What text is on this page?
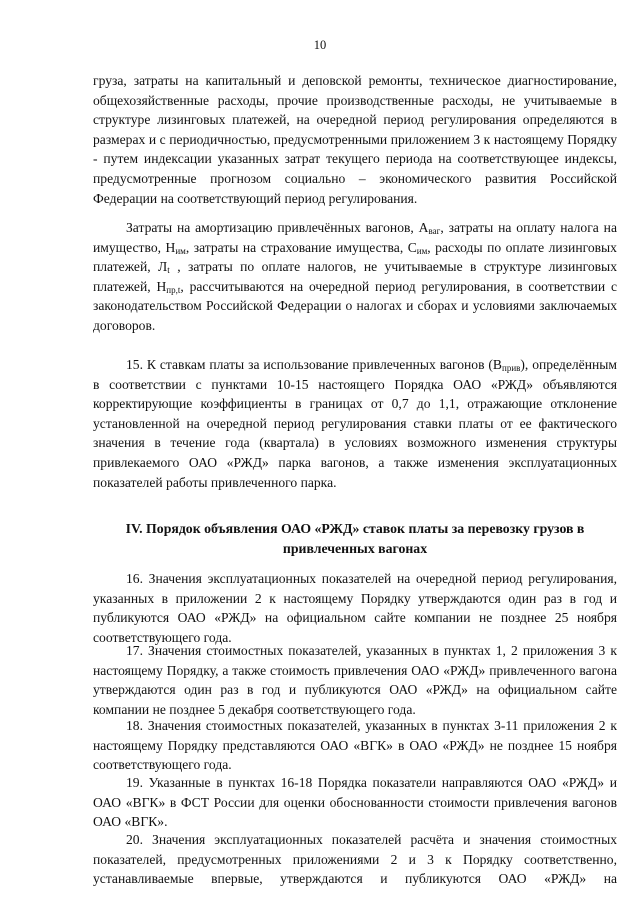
10

груза, затраты на капитальный и деповской ремонты, техническое диагностирование, общехозяйственные расходы, прочие производственные расходы, не учитываемые в структуре лизинговых платежей, на очередной период регулирования определяются в размерах и с периодичностью, предусмотренными приложением 3 к настоящему Порядку - путем индексации указанных затрат текущего периода на соответствующее индексы, предусмотренные прогнозом социально – экономического развития Российской Федерации на соответствующий период регулирования.

Затраты на амортизацию привлечённых вагонов, $А_{ваг}$, затраты на оплату налога на имущество, $Н_{им}$, затраты на страхование имущества, $С_{им}$, расходы по оплате лизинговых платежей, $Л_t$ , затраты по оплате налогов, не учитываемые в структуре лизинговых платежей, $Н_{пр,t}$, рассчитываются на очередной период регулирования, в соответствии с законодательством Российской Федерации о налогах и сборах и условиями заключаемых договоров.

15. К ставкам платы за использование привлеченных вагонов $(В_{прив})$, определённым в соответствии с пунктами 10-15 настоящего Порядка ОАО «РЖД» объявляются корректирующие коэффициенты в границах от 0,7 до 1,1, отражающие отклонение установленной на очередной период регулирования ставки платы от ее фактического значения в течение года (квартала) в условиях возможного изменения структуры привлекаемого ОАО «РЖД» парка вагонов, а также изменения эксплуатационных показателей работы привлеченного парка.

IV. Порядок объявления ОАО «РЖД» ставок платы за перевозку грузов в привлеченных вагонах

16. Значения эксплуатационных показателей на очередной период регулирования, указанных в приложении 2 к настоящему Порядку утверждаются один раз в год и публикуются ОАО «РЖД» на официальном сайте компании не позднее 25 ноября соответствующего года.

17. Значения стоимостных показателей, указанных в пунктах 1, 2 приложения 3 к настоящему Порядку, а также стоимость привлечения ОАО «РЖД» привлеченного вагона утверждаются один раз в год и публикуются ОАО «РЖД» на официальном сайте компании не позднее 5 декабря соответствующего года.

18. Значения стоимостных показателей, указанных в пунктах 3-11 приложения 2 к настоящему Порядку представляются ОАО «ВГК» в ОАО «РЖД» не позднее 15 ноября соответствующего года.

19. Указанные в пунктах 16-18 Порядка показатели направляются ОАО «РЖД» и ОАО «ВГК» в ФСТ России для оценки обоснованности стоимости привлечения вагонов ОАО «ВГК».

20. Значения эксплуатационных показателей расчёта и значения стоимостных показателей, предусмотренных приложениями 2 и 3 к Порядку соответственно, устанавливаемые впервые, утверждаются и публикуются ОАО «РЖД» на
